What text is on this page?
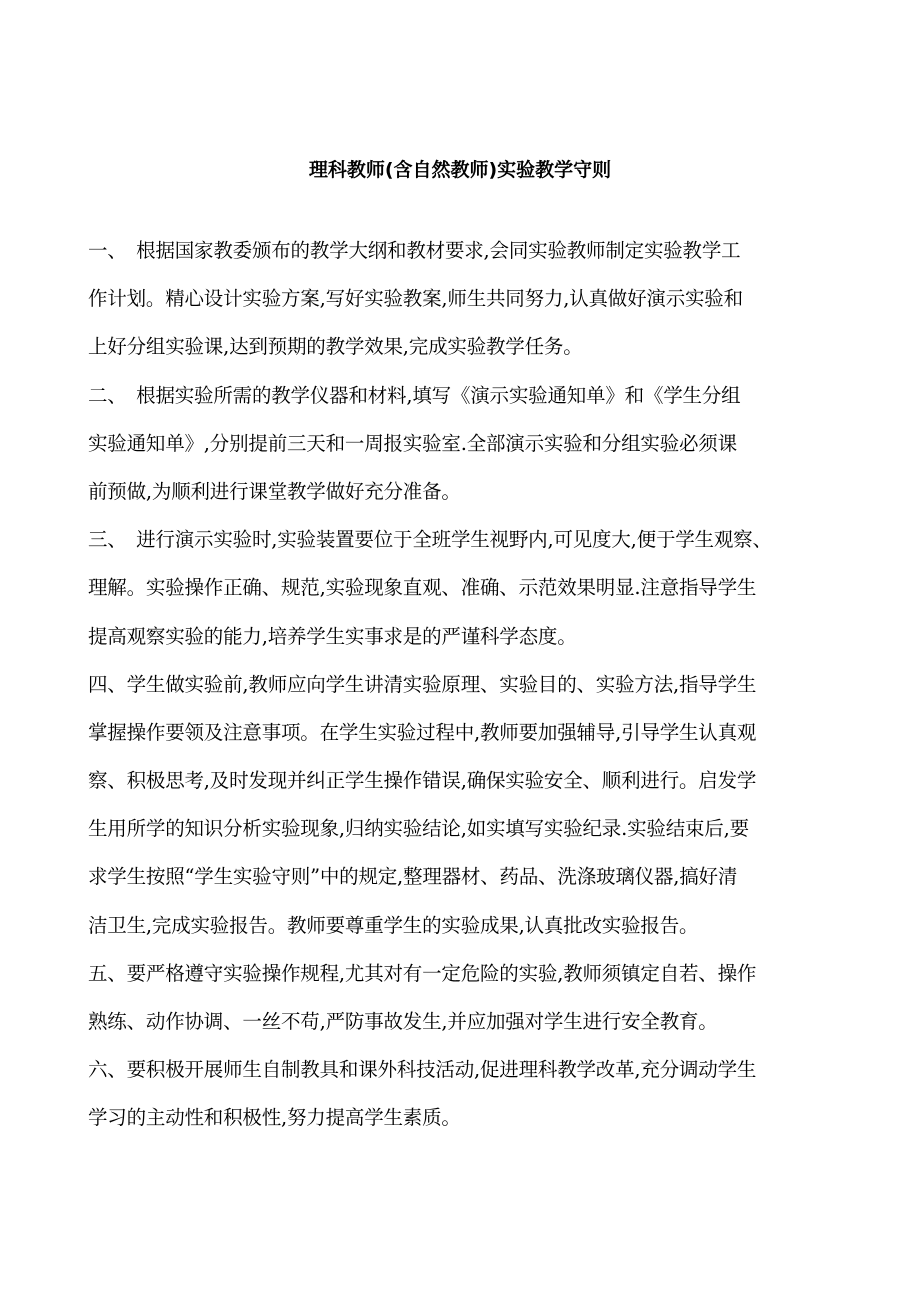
理科教师(含自然教师)实验教学守则
一、　根据国家教委颁布的教学大纲和教材要求,会同实验教师制定实验教学工
作计划。精心设计实验方案,写好实验教案,师生共同努力,认真做好演示实验和
上好分组实验课,达到预期的教学效果,完成实验教学任务。
二、　根据实验所需的教学仪器和材料,填写《演示实验通知单》和《学生分组
实验通知单》,分别提前三天和一周报实验室.全部演示实验和分组实验必须课
前预做,为顺利进行课堂教学做好充分准备。
三、　进行演示实验时,实验装置要位于全班学生视野内,可见度大,便于学生观察、
理解。实验操作正确、规范,实验现象直观、准确、示范效果明显.注意指导学生
提高观察实验的能力,培养学生实事求是的严谨科学态度。
四、学生做实验前,教师应向学生讲清实验原理、实验目的、实验方法,指导学生
掌握操作要领及注意事项。在学生实验过程中,教师要加强辅导,引导学生认真观
察、积极思考,及时发现并纠正学生操作错误,确保实验安全、顺利进行。启发学
生用所学的知识分析实验现象,归纳实验结论,如实填写实验纪录.实验结束后,要
求学生按照“学生实验守则”中的规定,整理器材、药品、洗涤玻璃仪器,搞好清
洁卫生,完成实验报告。教师要尊重学生的实验成果,认真批改实验报告。
五、要严格遵守实验操作规程,尤其对有一定危险的实验,教师须镇定自若、操作
熟练、动作协调、一丝不苟,严防事故发生,并应加强对学生进行安全教育。
六、要积极开展师生自制教具和课外科技活动,促进理科教学改革,充分调动学生
学习的主动性和积极性,努力提高学生素质。
